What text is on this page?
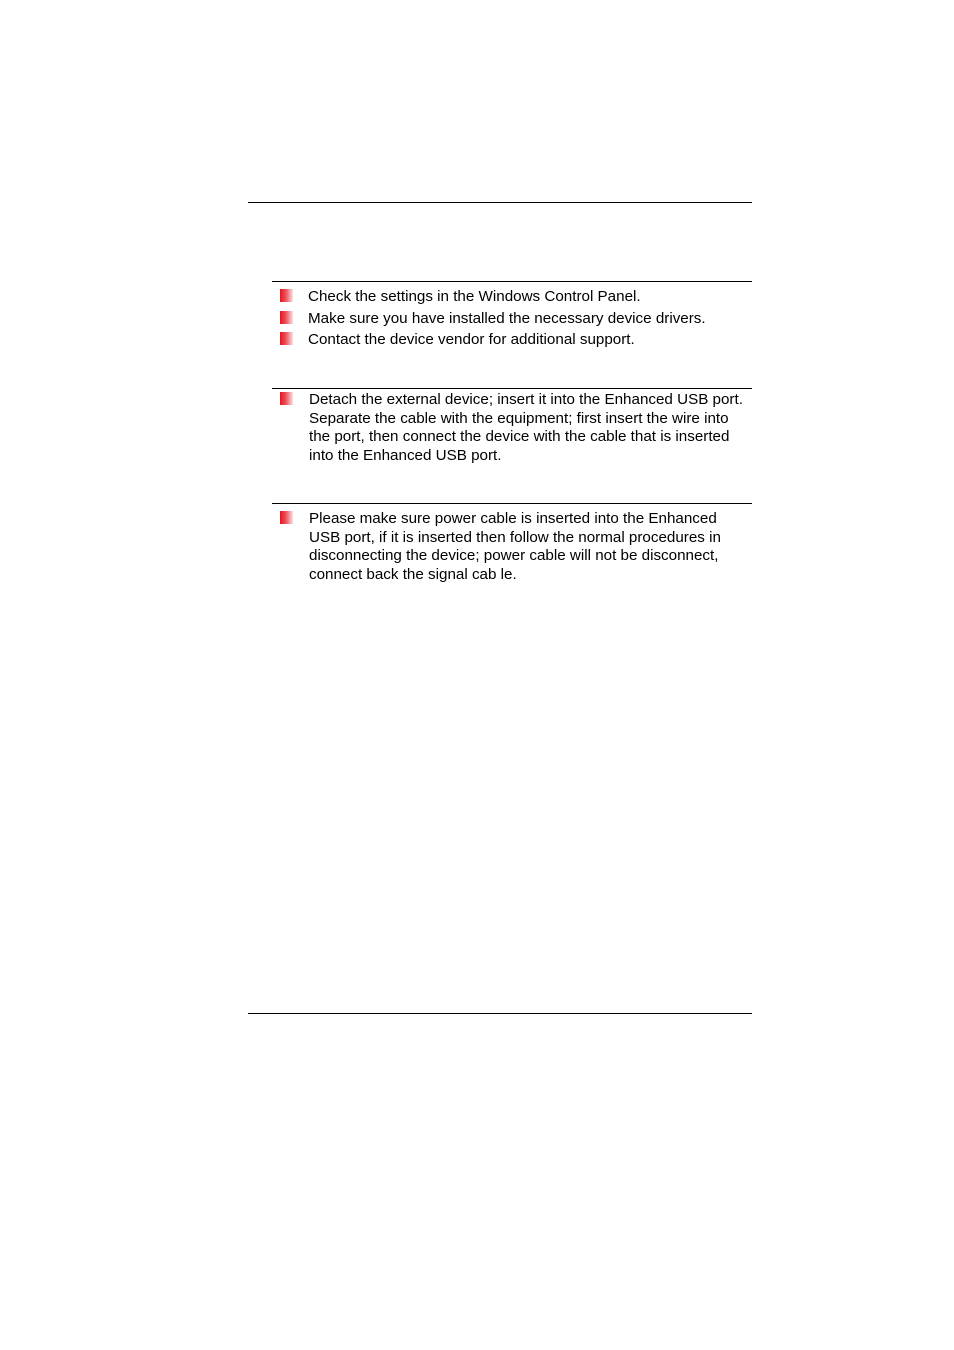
Check the settings in the Windows Control Panel.
Make sure you have installed the necessary device drivers.
Contact the device vendor for additional support.
Detach the external device; insert it into the Enhanced USB port. Separate the cable with the equipment; first insert the wire into the port, then connect the device with the cable that is inserted into the Enhanced USB port.
Please make sure power cable is inserted into the Enhanced USB port, if it is inserted then follow the normal procedures in disconnecting the device; power cable will not be disconnect, connect back the signal cab le.
